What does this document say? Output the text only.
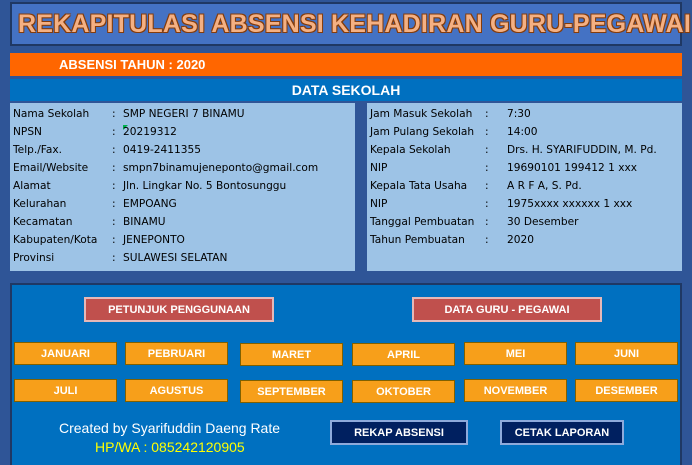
REKAPITULASI ABSENSI KEHADIRAN GURU-PEGAWAI
ABSENSI TAHUN : 2020
DATA SEKOLAH
Nama Sekolah : SMP NEGERI 7 BINAMU
NPSN	: 20219312
Telp./Fax.	: 0419-2411355
Email/Website : smpn7binamujeneponto@gmail.com
Alamat	: Jln. Lingkar No. 5 Bontosunggu
Kelurahan	: EMPOANG
Kecamatan	: BINAMU
Kabupaten/Kota : JENEPONTO
Provinsi	: SULAWESI SELATAN
Jam Masuk Sekolah : 7:30
Jam Pulang Sekolah : 14:00
Kepala Sekolah	: Drs. H. SYARIFUDDIN, M. Pd.
NIP	: 19690101 199412 1 xxx
Kepala Tata Usaha : A R F A, S. Pd.
NIP	: 1975xxxx xxxxxx 1 xxx
Tanggal Pembuatan : 30 Desember
Tahun Pembuatan : 2020
PETUNJUK PENGGUNAAN	DATA GURU - PEGAWAI
JANUARI	PEBRUARI	MARET	APRIL	MEI	JUNI
JULI	AGUSTUS	SEPTEMBER	OKTOBER	NOVEMBER	DESEMBER
Created by Syarifuddin Daeng Rate
HP/WA : 085242120905
REKAP ABSENSI	CETAK LAPORAN
